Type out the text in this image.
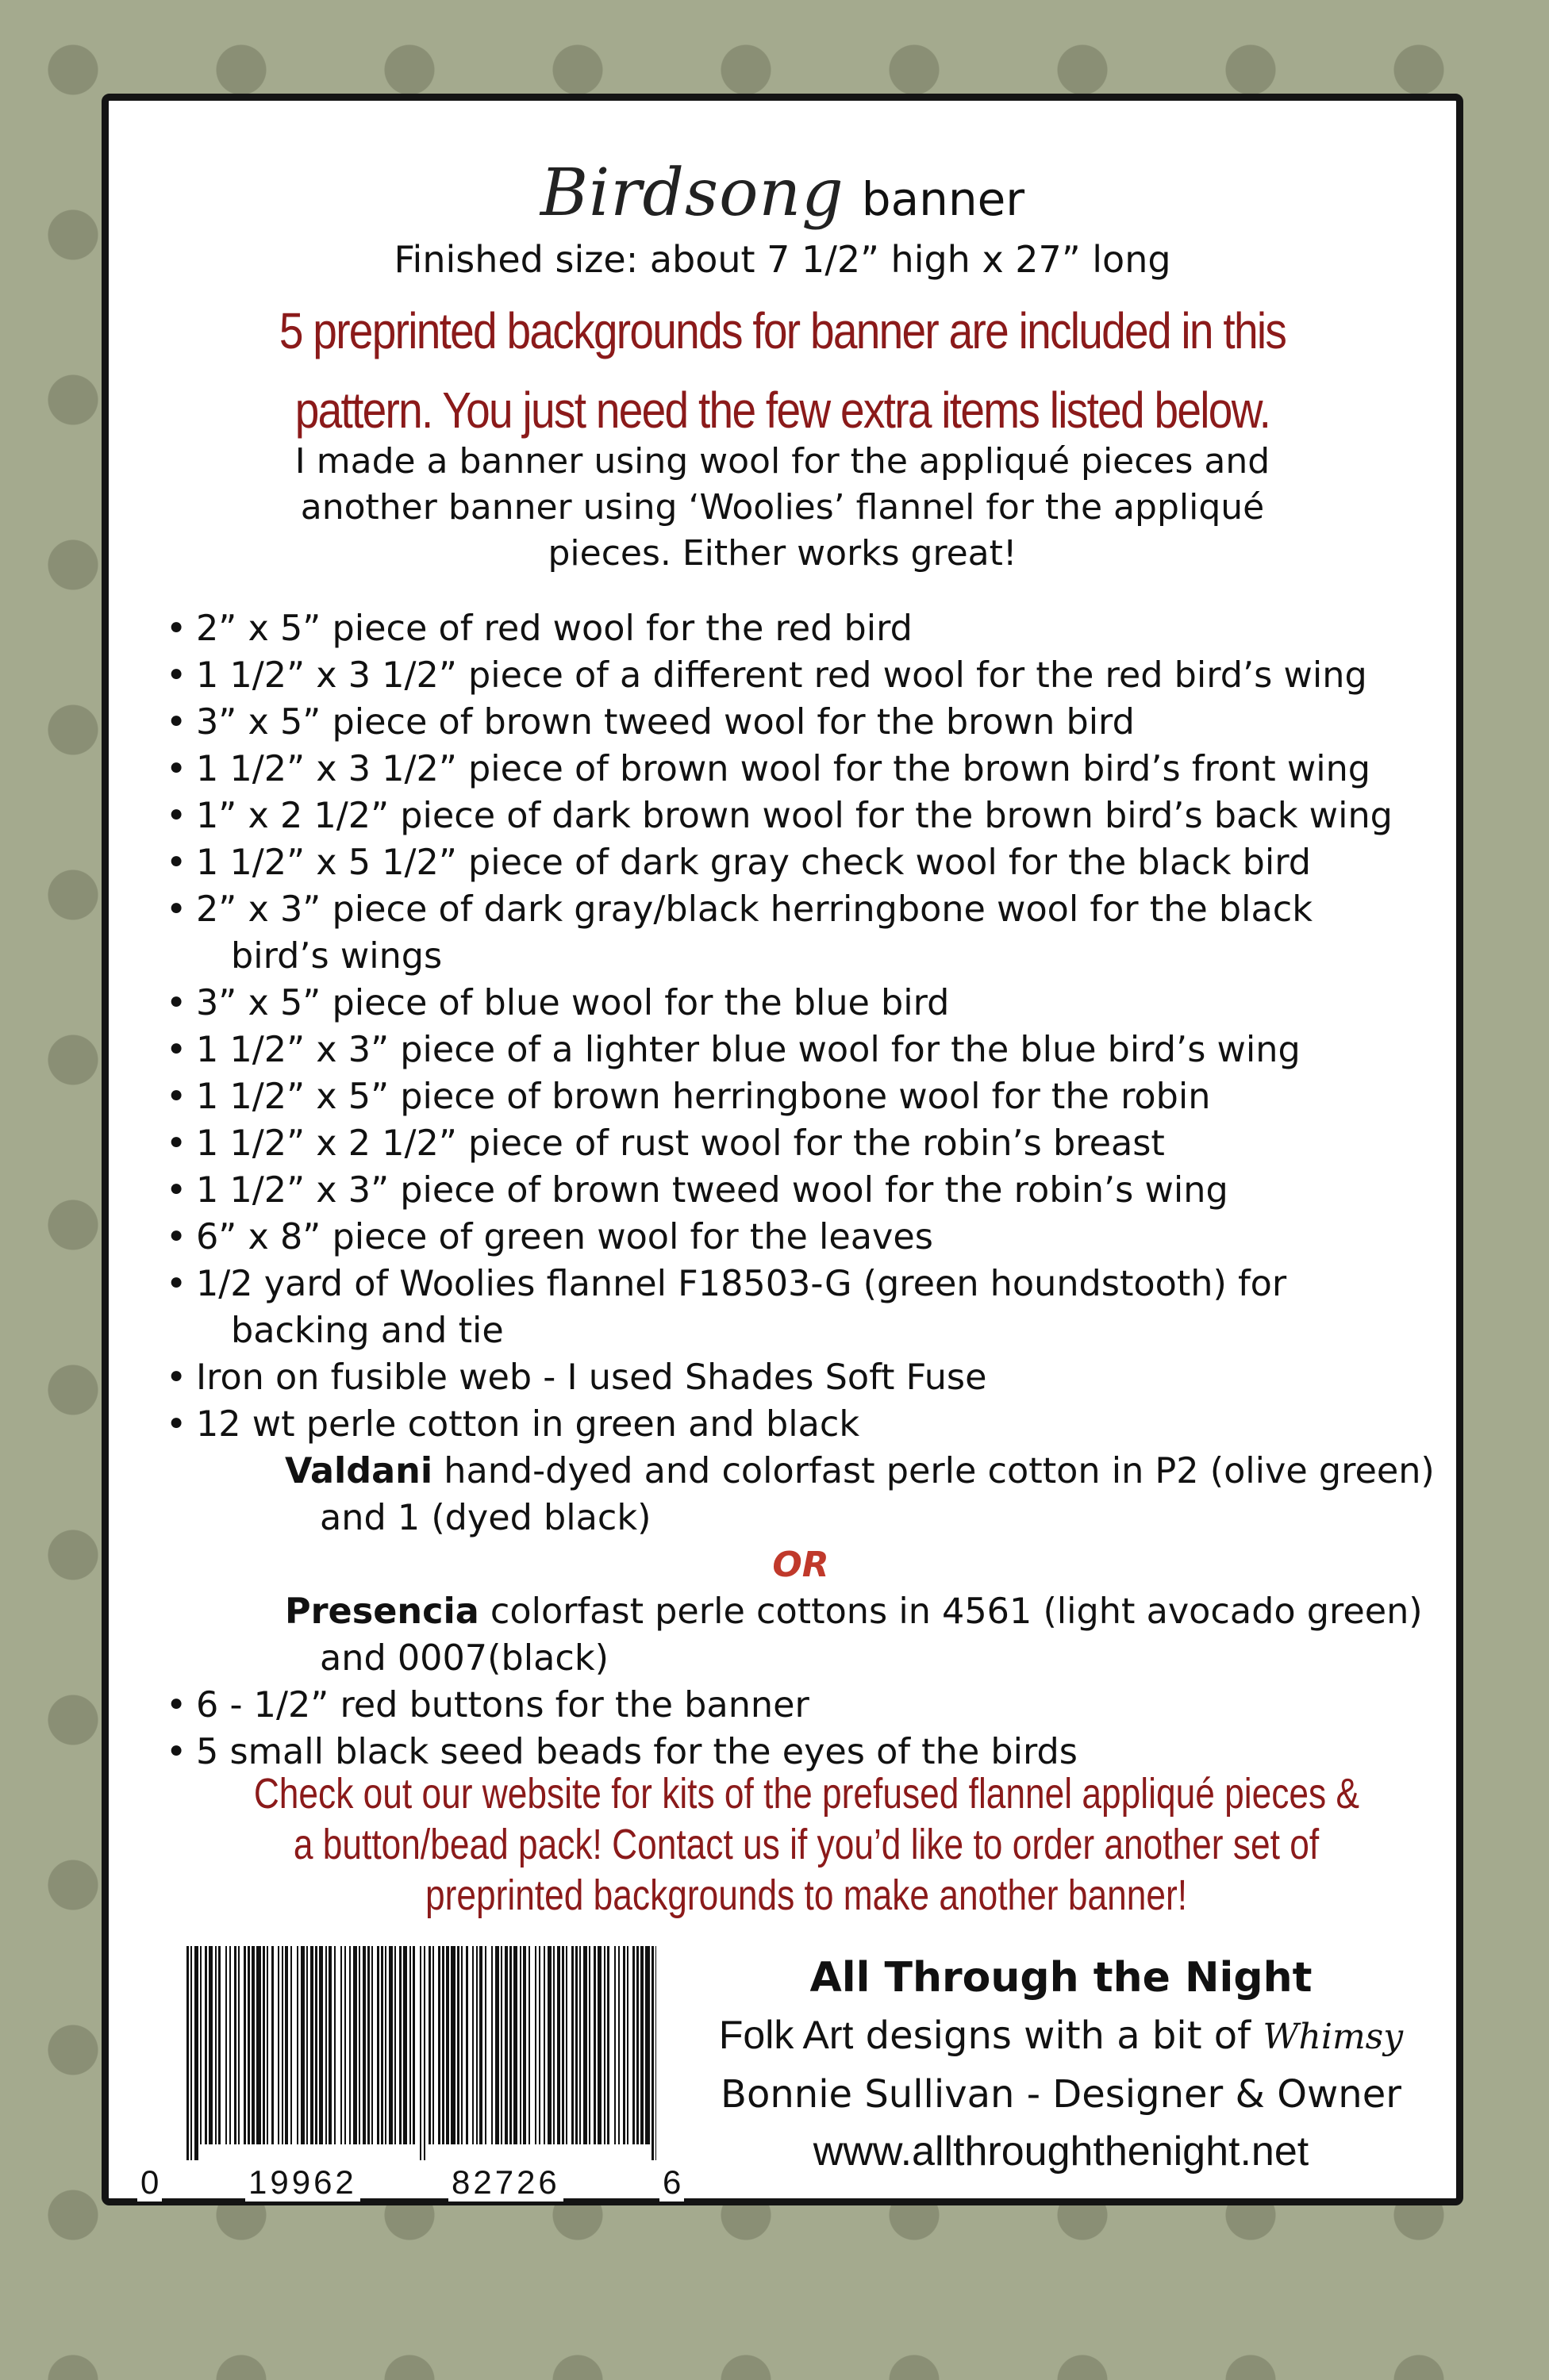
Birdsong banner
Finished size: about 7 1/2” high x 27” long
5 preprinted backgrounds for banner are included in this
pattern. You just need the few extra items listed below.
I made a banner using wool for the appliqué pieces and
another banner using ‘Woolies’ flannel for the appliqué
pieces. Either works great!
• 2” x 5” piece of red wool for the red bird
• 1 1/2” x 3 1/2” piece of a different red wool for the red bird’s wing
• 3” x 5” piece of brown tweed wool for the brown bird
• 1 1/2” x 3 1/2” piece of brown wool for the brown bird’s front wing
• 1” x 2 1/2” piece of dark brown wool for the brown bird’s back wing
• 1 1/2” x 5 1/2” piece of dark gray check wool for the black bird
• 2” x 3” piece of dark gray/black herringbone wool for the black
bird’s wings
• 3” x 5” piece of blue wool for the blue bird
• 1 1/2” x 3” piece of a lighter blue wool for the blue bird’s wing
• 1 1/2” x 5” piece of brown herringbone wool for the robin
• 1 1/2” x 2 1/2” piece of rust wool for the robin’s breast
• 1 1/2” x 3” piece of brown tweed wool for the robin’s wing
• 6” x 8” piece of green wool for the leaves
• 1/2 yard of Woolies flannel F18503-G (green houndstooth) for
backing and tie
• Iron on fusible web - I used Shades Soft Fuse
• 12 wt perle cotton in green and black
Valdani hand-dyed and colorfast perle cotton in P2 (olive green)
and 1 (dyed black)
OR
Presencia colorfast perle cottons in 4561 (light avocado green)
and 0007(black)
• 6 - 1/2” red buttons for the banner
• 5 small black seed beads for the eyes of the birds
Check out our website for kits of the prefused flannel appliqué pieces &
a button/bead pack! Contact us if you’d like to order another set of
preprinted backgrounds to make another banner!
0	19962	82726	6
All Through the Night
Folk Art designs with a bit of Whimsy
Bonnie Sullivan - Designer & Owner
www.allthroughthenight.net
